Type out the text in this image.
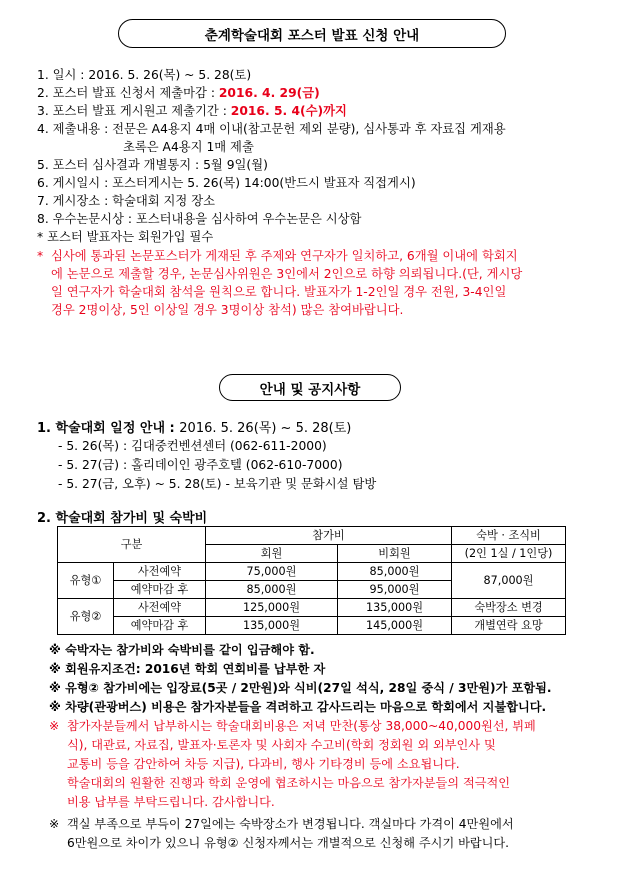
춘계학술대회 포스터 발표 신청 안내
1. 일시 : 2016. 5. 26(목) ~ 5. 28(토)
2. 포스터 발표 신청서 제출마감 : 2016. 4. 29(금)
3. 포스터 발표 게시원고 제출기간 : 2016. 5. 4(수)까지
4. 제출내용 : 전문은 A4용지 4매 이내(참고문헌 제외 분량), 심사통과 후 자료집 게재용
초록은 A4용지 1매 제출
5. 포스터 심사결과 개별통지 : 5월 9일(월)
6. 게시일시 : 포스터게시는 5. 26(목) 14:00(반드시 발표자 직접게시)
7. 게시장소 : 학술대회 지정 장소
8. 우수논문시상 : 포스터내용을 심사하여 우수논문은 시상함
* 포스터 발표자는 회원가입 필수
* 심사에 통과된 논문포스터가 게재된 후 주제와 연구자가 일치하고, 6개월 이내에 학회지
에 논문으로 제출할 경우, 논문심사위원은 3인에서 2인으로 하향 의뢰됩니다.(단, 게시당
일 연구자가 학술대회 참석을 원칙으로 합니다. 발표자가 1-2인일 경우 전원, 3-4인일
경우 2명이상, 5인 이상일 경우 3명이상 참석) 많은 참여바랍니다.
안내 및 공지사항
1. 학술대회 일정 안내 : 2016. 5. 26(목) ~ 5. 28(토)
- 5. 26(목) : 김대중컨벤션센터 (062-611-2000)
- 5. 27(금) : 홀리데이인 광주호텔 (062-610-7000)
- 5. 27(금, 오후) ~ 5. 28(토) - 보육기관 및 문화시설 탐방
2. 학술대회 참가비 및 숙박비
구분		참가비		숙박 · 조식비
		회원	비회원	(2인 1실 / 1인당)
유형①	사전예약	75,000원	85,000원	87,000원
	예약마감 후	85,000원	95,000원	
유형②	사전예약	125,000원	135,000원	숙박장소 변경
	예약마감 후	135,000원	145,000원	개별연락 요망
※ 숙박자는 참가비와 숙박비를 같이 입금해야 함.
※ 회원유지조건: 2016년 학회 연회비를 납부한 자
※ 유형② 참가비에는 입장료(5곳 / 2만원)와 식비(27일 석식, 28일 중식 / 3만원)가 포함됨.
※ 차량(관광버스) 비용은 참가자분들을 격려하고 감사드리는 마음으로 학회에서 지불합니다.
※ 참가자분들께서 납부하시는 학술대회비용은 저녁 만찬(통상 38,000~40,000원선, 뷔페
식), 대관료, 자료집, 발표자·토론자 및 사회자 수고비(학회 정회원 외 외부인사 및
교통비 등을 감안하여 차등 지급), 다과비, 행사 기타경비 등에 소요됩니다.
학술대회의 원활한 진행과 학회 운영에 협조하시는 마음으로 참가자분들의 적극적인
비용 납부를 부탁드립니다. 감사합니다.
※ 객실 부족으로 부득이 27일에는 숙박장소가 변경됩니다. 객실마다 가격이 4만원에서
6만원으로 차이가 있으니 유형② 신청자께서는 개별적으로 신청해 주시기 바랍니다.
